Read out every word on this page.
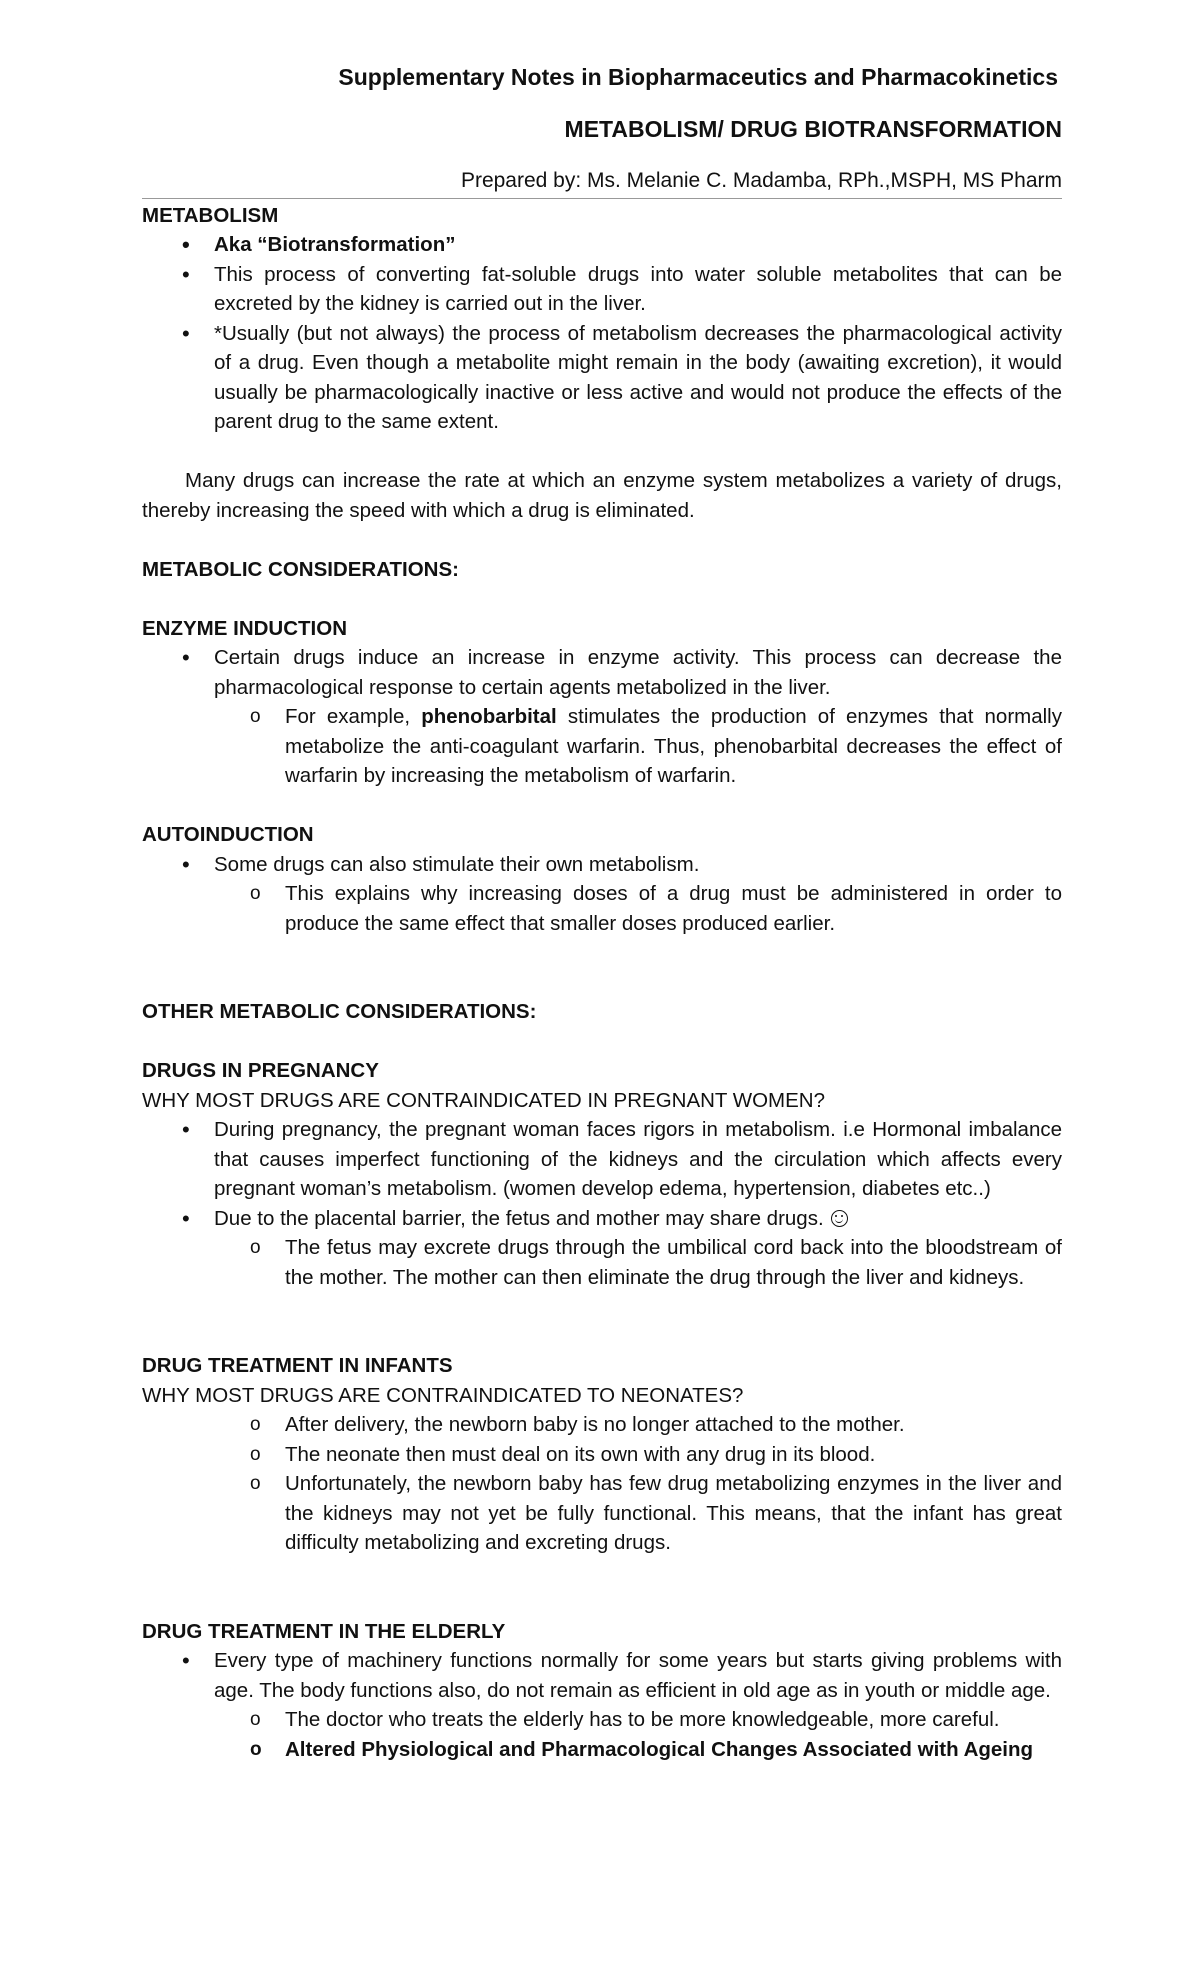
Supplementary Notes in Biopharmaceutics and Pharmacokinetics
METABOLISM/ DRUG BIOTRANSFORMATION
Prepared by: Ms. Melanie C. Madamba, RPh.,MSPH, MS Pharm
METABOLISM
• Aka “Biotransformation”
• This process of converting fat-soluble drugs into water soluble metabolites that can be excreted by the kidney is carried out in the liver.
• *Usually (but not always) the process of metabolism decreases the pharmacological activity of a drug. Even though a metabolite might remain in the body (awaiting excretion), it would usually be pharmacologically inactive or less active and would not produce the effects of the parent drug to the same extent.
Many drugs can increase the rate at which an enzyme system metabolizes a variety of drugs, thereby increasing the speed with which a drug is eliminated.
METABOLIC CONSIDERATIONS:
ENZYME INDUCTION
• Certain drugs induce an increase in enzyme activity. This process can decrease the pharmacological response to certain agents metabolized in the liver.
o For example, phenobarbital stimulates the production of enzymes that normally metabolize the anti-coagulant warfarin. Thus, phenobarbital decreases the effect of warfarin by increasing the metabolism of warfarin.
AUTOINDUCTION
• Some drugs can also stimulate their own metabolism.
o This explains why increasing doses of a drug must be administered in order to produce the same effect that smaller doses produced earlier.
OTHER METABOLIC CONSIDERATIONS:
DRUGS IN PREGNANCY
WHY MOST DRUGS ARE CONTRAINDICATED IN PREGNANT WOMEN?
• During pregnancy, the pregnant woman faces rigors in metabolism. i.e Hormonal imbalance that causes imperfect functioning of the kidneys and the circulation which affects every pregnant woman’s metabolism. (women develop edema, hypertension, diabetes etc..)
• Due to the placental barrier, the fetus and mother may share drugs.
o The fetus may excrete drugs through the umbilical cord back into the bloodstream of the mother. The mother can then eliminate the drug through the liver and kidneys.
DRUG TREATMENT IN INFANTS
WHY MOST DRUGS ARE CONTRAINDICATED TO NEONATES?
o After delivery, the newborn baby is no longer attached to the mother.
o The neonate then must deal on its own with any drug in its blood.
o Unfortunately, the newborn baby has few drug metabolizing enzymes in the liver and the kidneys may not yet be fully functional. This means, that the infant has great difficulty metabolizing and excreting drugs.
DRUG TREATMENT IN THE ELDERLY
• Every type of machinery functions normally for some years but starts giving problems with age. The body functions also, do not remain as efficient in old age as in youth or middle age.
o The doctor who treats the elderly has to be more knowledgeable, more careful.
o Altered Physiological and Pharmacological Changes Associated with Ageing
